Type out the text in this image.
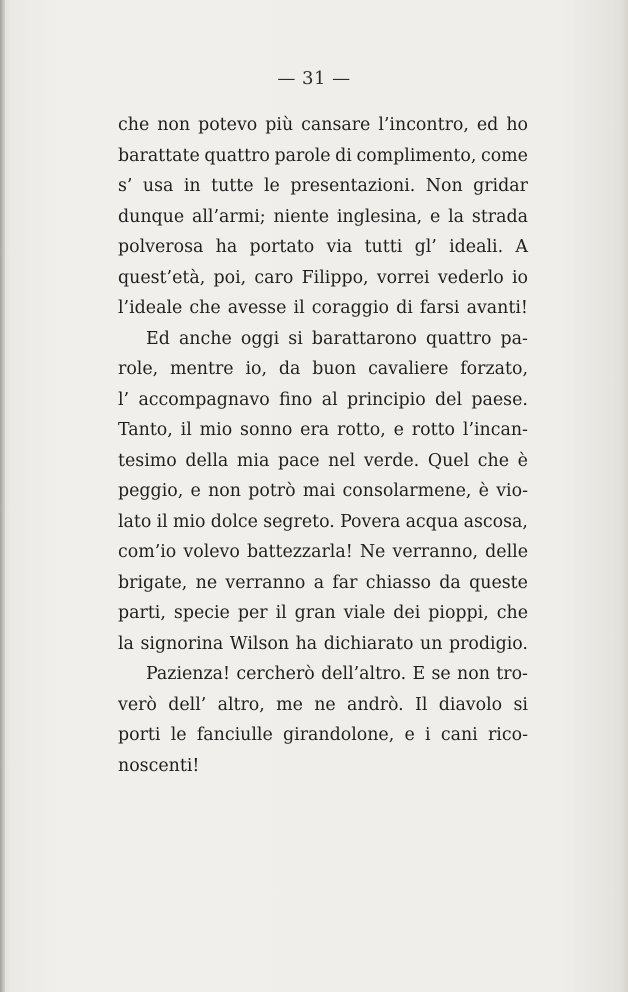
— 31 —
che non potevo più cansare l’incontro, ed ho
barattate quattro parole di complimento, come
s’ usa in tutte le presentazioni. Non gridar
dunque all’armi; niente inglesina, e la strada
polverosa ha portato via tutti gl’ ideali. A
quest’età, poi, caro Filippo, vorrei vederlo io
l’ideale che avesse il coraggio di farsi avanti!
Ed anche oggi si barattarono quattro pa-
role, mentre io, da buon cavaliere forzato,
l’ accompagnavo fino al principio del paese.
Tanto, il mio sonno era rotto, e rotto l’incan-
tesimo della mia pace nel verde. Quel che è
peggio, e non potrò mai consolarmene, è vio-
lato il mio dolce segreto. Povera acqua ascosa,
com’io volevo battezzarla! Ne verranno, delle
brigate, ne verranno a far chiasso da queste
parti, specie per il gran viale dei pioppi, che
la signorina Wilson ha dichiarato un prodigio.
Pazienza! cercherò dell’altro. E se non tro-
verò dell’ altro, me ne andrò. Il diavolo si
porti le fanciulle girandolone, e i cani rico-
noscenti!
